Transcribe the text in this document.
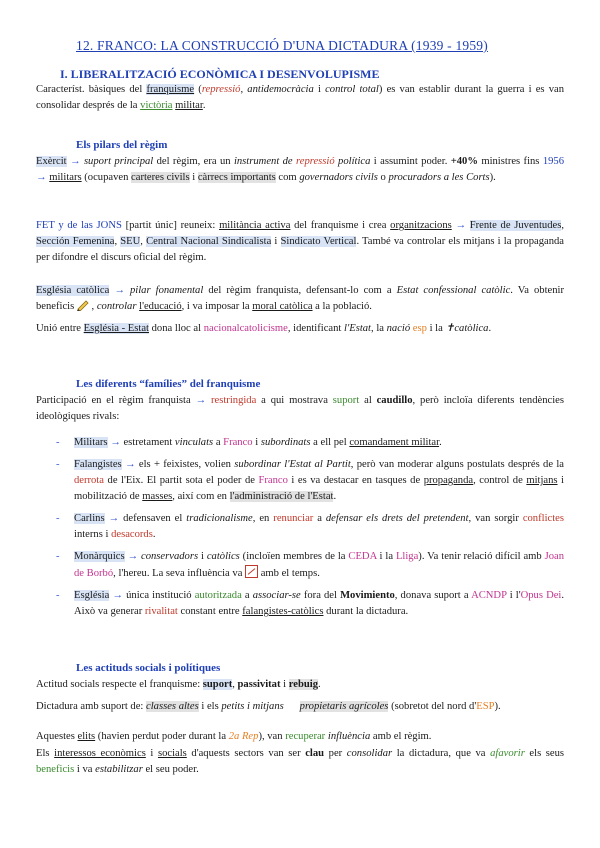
12. FRANCO: LA CONSTRUCCIÓ D'UNA DICTADURA (1939 - 1959)
I. LIBERALITZACIÓ ECONÒMICA I DESENVOLUPISME
Característ. bàsiques del franquisme (repressió, antidemocràcia i control total) es van establir durant la guerra i es van consolidar després de la victòria militar.
Els pilars del règim
Exèrcit → suport principal del règim, era un instrument de repressió política i assumint poder. +40% ministres fins 1956 → militars (ocupaven carteres civils i càrrecs importants com governadors civils o procuradors a les Corts).
FET y de las JONS [partit únic] reuneix: militància activa del franquisme i crea organitzacions → Frente de Juventudes, Sección Femenina, SEU, Central Nacional Sindicalista i Sindicato Vertical. També va controlar els mitjans i la propaganda per difondre el discurs oficial del règim.
Església catòlica → pilar fonamental del règim franquista, defensant-lo com a Estat confessional catòlic. Va obtenir beneficis  , controlar l'educació, i va imposar la moral catòlica a la població.
Unió entre Església - Estat dona lloc al nacionalcatolicisme, identificant l'Estat, la nació esp i la ✝catòlica.
Les diferents “famílies” del franquisme
Participació en el règim franquista → restringida a qui mostrava suport al caudillo, però incloïa diferents tendències ideològiques rivals:
- Militars → estretament vinculats a Franco i subordinats a ell pel comandament militar.
- Falangistes → els + feixistes, volien subordinar l'Estat al Partit, però van moderar alguns postulats després de la derrota de l'Eix. El partit sota el poder de Franco i es va destacar en tasques de propaganda, control de mitjans i mobilització de masses, així com en l'administració de l'Estat.
- Carlins → defensaven el tradicionalisme, en renunciar a defensar els drets del pretendent, van sorgir conflictes interns i desacords.
- Monàrquics → conservadors i catòlics (incloïen membres de la CEDA i la Lliga). Va tenir relació difícil amb Joan de Borbó, l'hereu. La seva influència va  amb el temps.
- Església → única institució autoritzada a associar-se fora del Movimiento, donava suport a ACNDP i l'Opus Dei. Això va generar rivalitat constant entre falangistes-catòlics durant la dictadura.
Les actituds socials i polítiques
Actitud socials respecte el franquisme: suport, passivitat i rebuig.
Dictadura amb suport de: classes altes i els petits i mitjans propietaris agrícoles (sobretot del nord d'ESP).
Aquestes elits (havien perdut poder durant la 2a Rep), van recuperar influència amb el règim.
Els interessos econòmics i socials d'aquests sectors van ser clau per consolidar la dictadura, que va afavorir els seus beneficis i va estabilitzar el seu poder.
